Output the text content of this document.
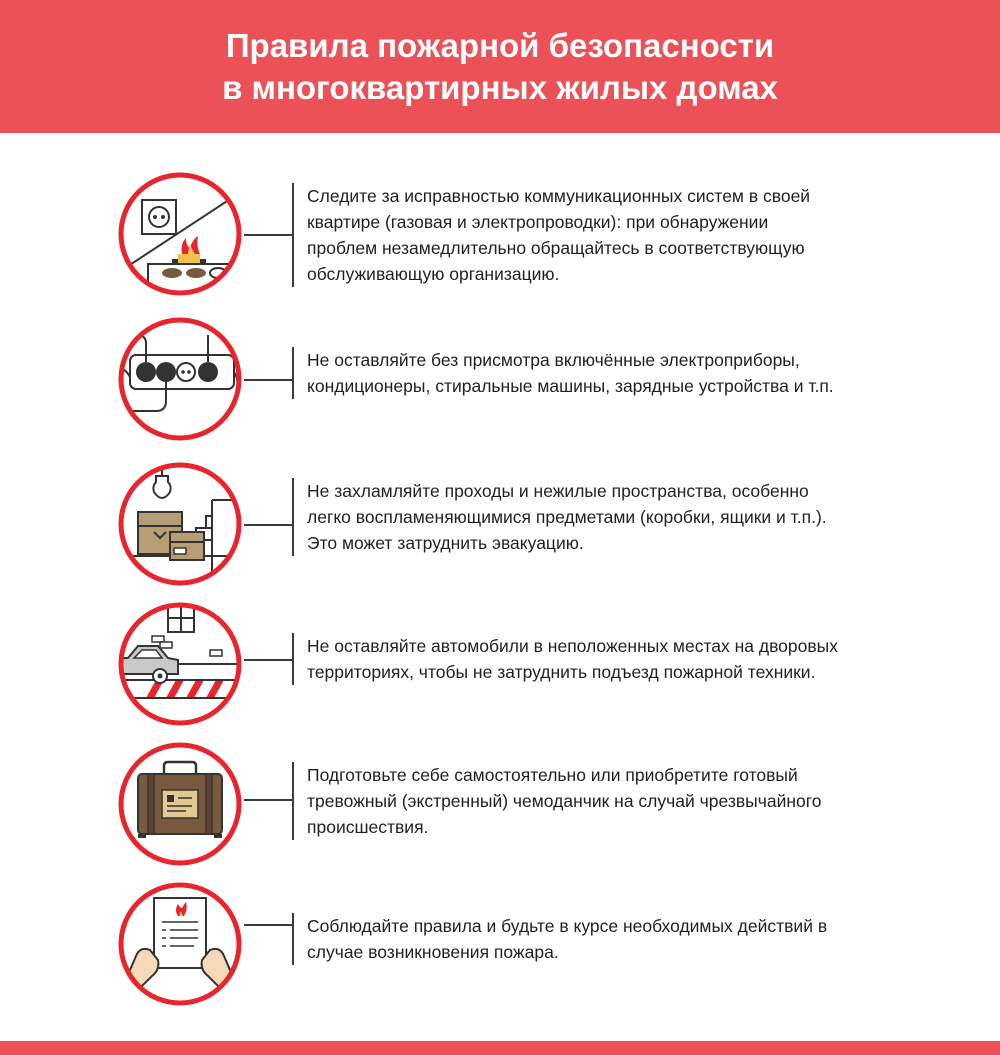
Правила пожарной безопасности
в многоквартирных жилых домах
Следите за исправностью коммуникационных систем в своей
квартире (газовая и электропроводки): при обнаружении
проблем незамедлительно обращайтесь в соответствующую
обслуживающую организацию.
Не оставляйте без присмотра включённые электроприборы,
кондиционеры, стиральные машины, зарядные устройства и т.п.
Не захламляйте проходы и нежилые пространства, особенно
легко воспламеняющимися предметами (коробки, ящики и т.п.).
Это может затруднить эвакуацию.
Не оставляйте автомобили в неположенных местах на дворовых
территориях, чтобы не затруднить подъезд пожарной техники.
Подготовьте себе самостоятельно или приобретите готовый
тревожный (экстренный) чемоданчик на случай чрезвычайного
происшествия.
Соблюдайте правила и будьте в курсе необходимых действий в
случае возникновения пожара.
